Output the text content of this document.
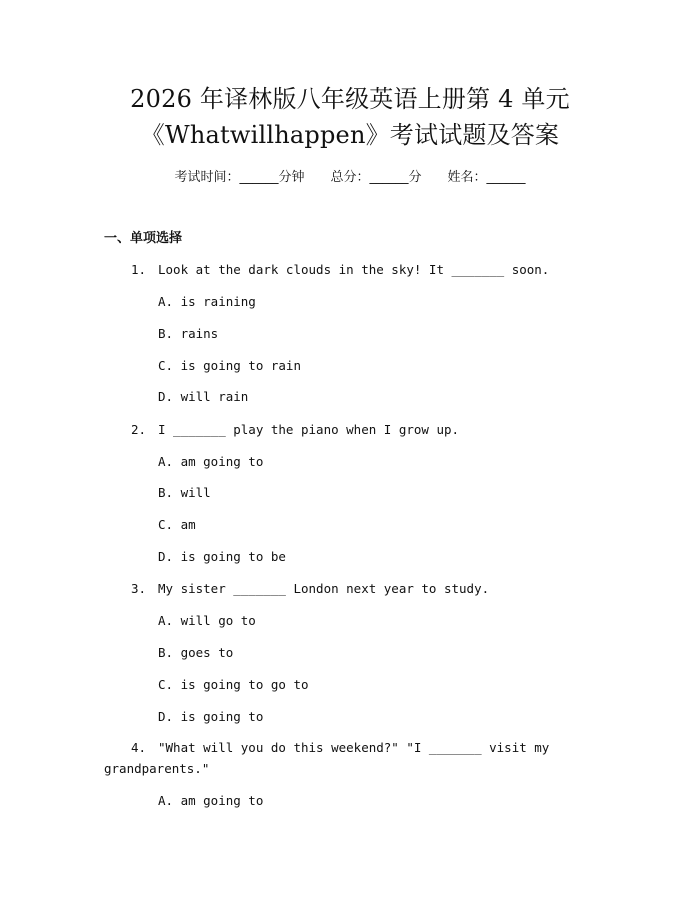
2026 年译林版八年级英语上册第 4 单元
《Whatwillhappen》考试试题及答案
考试时间：______分钟 总分：______分 姓名：______
一、单项选择
1. Look at the dark clouds in the sky! It _______ soon.
A. is raining
B. rains
C. is going to rain
D. will rain
2. I _______ play the piano when I grow up.
A. am going to
B. will
C. am
D. is going to be
3. My sister _______ London next year to study.
A. will go to
B. goes to
C. is going to go to
D. is going to
4. "What will you do this weekend?" "I _______ visit my
grandparents."
A. am going to
